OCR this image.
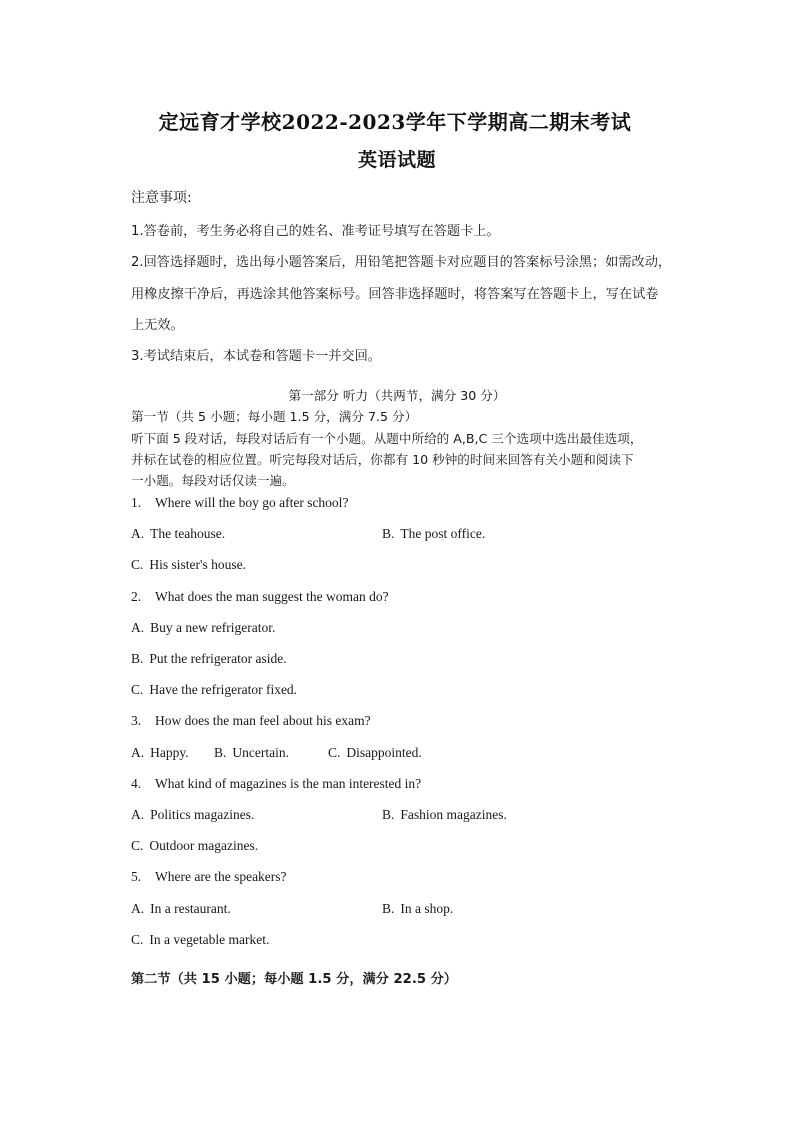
定远育才学校2022-2023学年下学期高二期末考试
英语试题
注意事项:
1.答卷前，考生务必将自己的姓名、准考证号填写在答题卡上。
2.回答选择题时，选出每小题答案后，用铅笔把答题卡对应题目的答案标号涂黑；如需改动，
用橡皮擦干净后，再选涂其他答案标号。回答非选择题时，将答案写在答题卡上，写在试卷
上无效。
3.考试结束后，本试卷和答题卡一并交回。
第一部分 听力（共两节，满分 30 分）
第一节（共 5 小题；每小题 1.5 分，满分 7.5 分）
听下面 5 段对话，每段对话后有一个小题。从题中所给的 A,B,C 三个选项中选出最佳选项，
并标在试卷的相应位置。听完每段对话后，你都有 10 秒钟的时间来回答有关小题和阅读下
一小题。每段对话仅读一遍。
1. Where will the boy go after school?
A. The teahouse.	B. The post office.
C. His sister's house.
2. What does the man suggest the woman do?
A. Buy a new refrigerator.
B. Put the refrigerator aside.
C. Have the refrigerator fixed.
3. How does the man feel about his exam?
A. Happy. B. Uncertain.	C. Disappointed.
4. What kind of magazines is the man interested in?
A. Politics magazines.	B. Fashion magazines.
C. Outdoor magazines.
5. Where are the speakers?
A. In a restaurant.	B. In a shop.
C. In a vegetable market.
第二节（共 15 小题；每小题 1.5 分，满分 22.5 分）
